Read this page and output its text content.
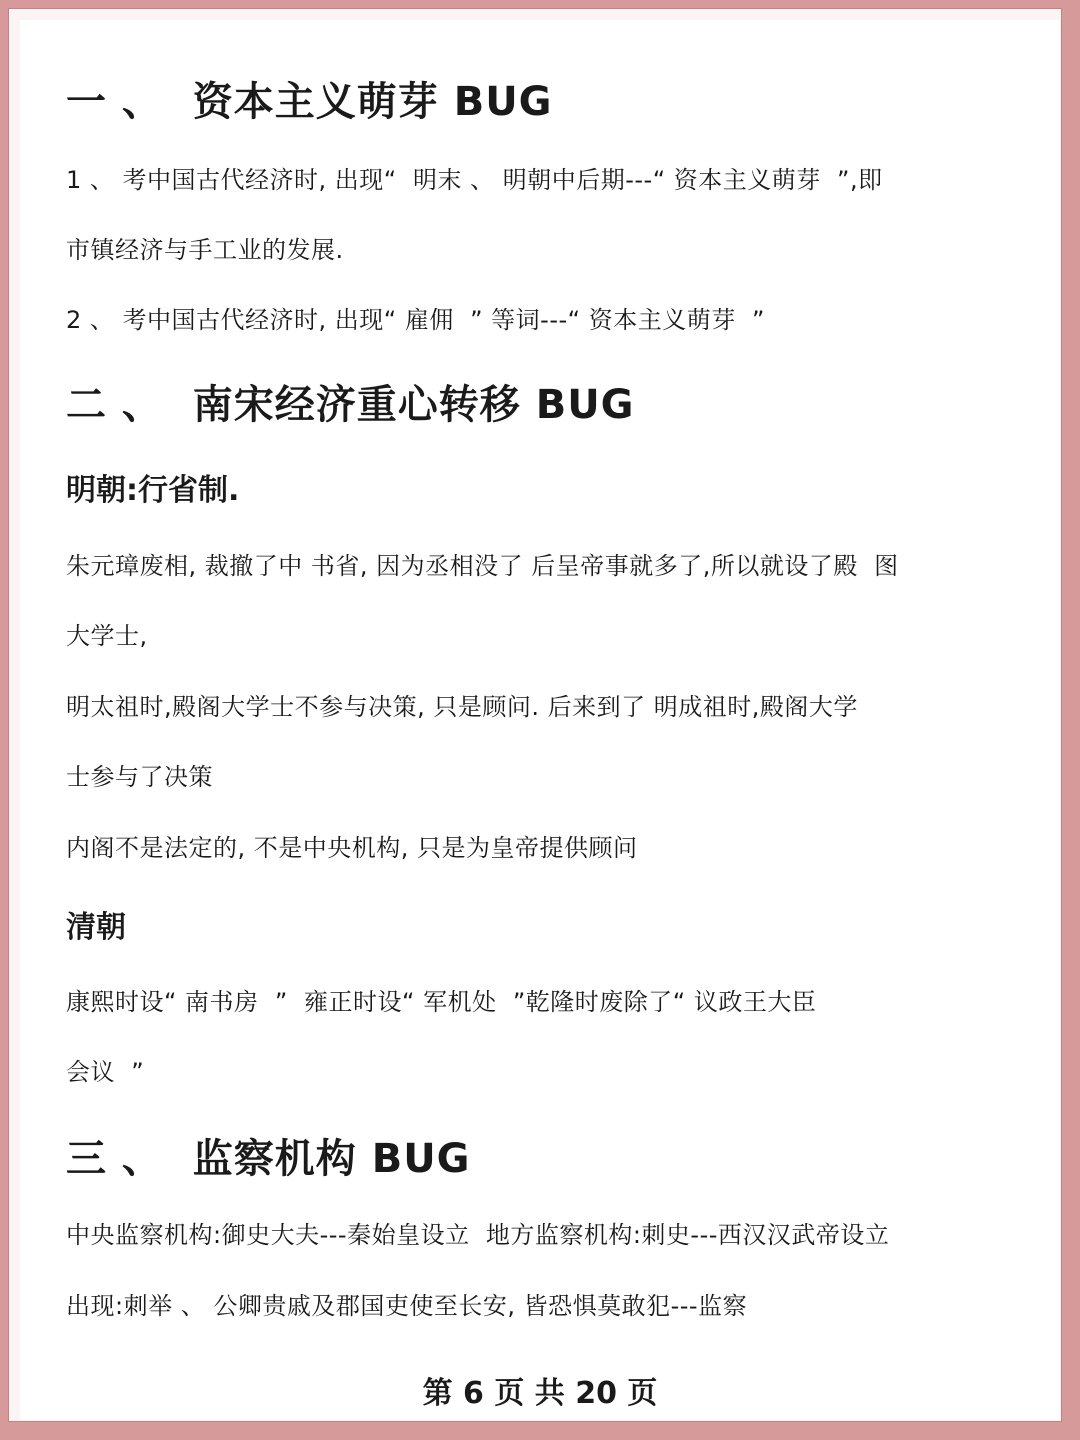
一 、  资本主义萌芽 BUG
1 、 考中国古代经济时, 出现“  明末 、 明朝中后期---“ 资本主义萌芽  ”,即
市镇经济与手工业的发展.
2 、 考中国古代经济时, 出现“ 雇佣  ” 等词---“ 资本主义萌芽  ”
二 、  南宋经济重心转移 BUG
明朝:行省制.
朱元璋废相, 裁撤了中 书省, 因为丞相没了 后呈帝事就多了,所以就设了殿  图
大学士,
明太祖时,殿阁大学士不参与决策, 只是顾问. 后来到了 明成祖时,殿阁大学
士参与了决策
内阁不是法定的, 不是中央机构, 只是为皇帝提供顾问
清朝
康熙时设“ 南书房  ”  雍正时设“ 军机处  ”乾隆时废除了“ 议政王大臣
会议  ”
三 、  监察机构 BUG
中央监察机构:御史大夫---秦始皇设立  地方监察机构:刺史---西汉汉武帝设立
出现:刺举 、 公卿贵戚及郡国吏使至长安, 皆恐惧莫敢犯---监察
第 6 页 共 20 页
